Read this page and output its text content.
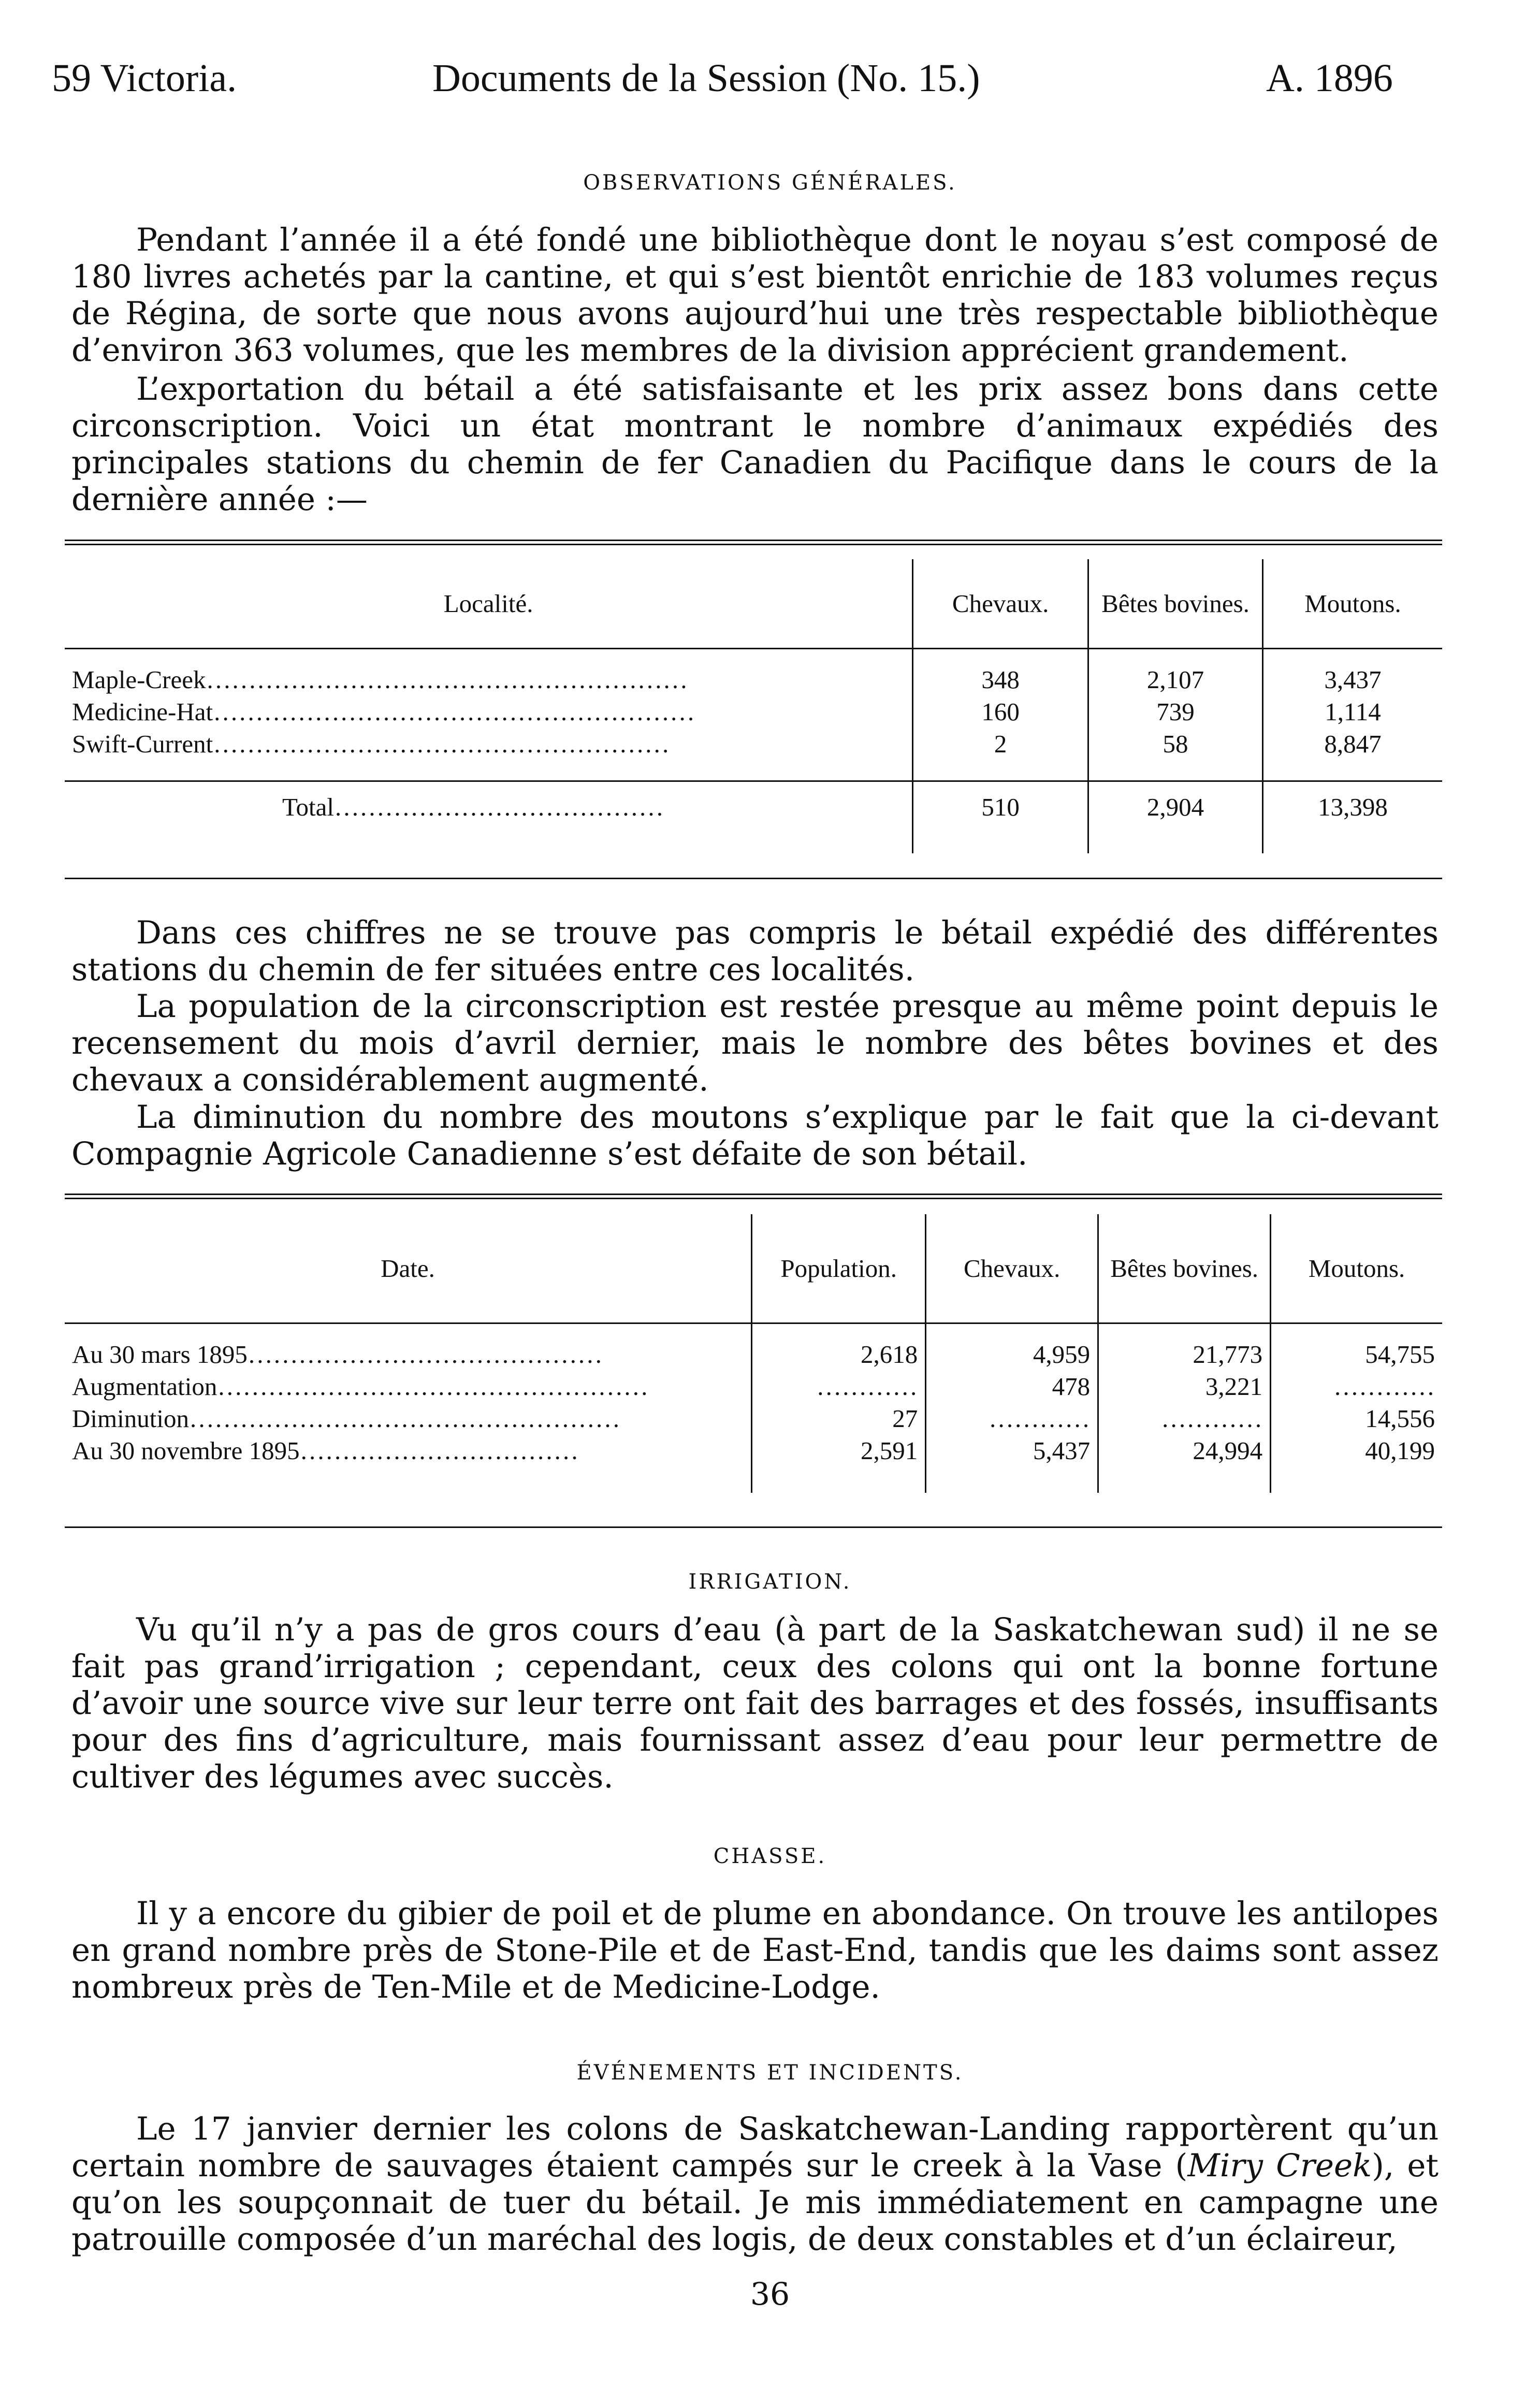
59 Victoria.	Documents de la Session (No. 15.)	A. 1896
OBSERVATIONS GÉNÉRALES.
Pendant l’année il a été fondé une bibliothèque dont le noyau s’est composé de 180 livres achetés par la cantine, et qui s’est bientôt enrichie de 183 volumes reçus de Régina, de sorte que nous avons aujourd’hui une très respectable bibliothèque d’environ 363 volumes, que les membres de la division apprécient grandement.
L’exportation du bétail a été satisfaisante et les prix assez bons dans cette circonscription. Voici un état montrant le nombre d’animaux expédiés des principales stations du chemin de fer Canadien du Pacifique dans le cours de la dernière année :—
Localité.	Chevaux.	Bêtes bovines.	Moutons.

Maple-Creek…………………………………………………	348	2,107	3,437
Medicine-Hat…………………………………………………	160	739	1,114
Swift-Current………………………………………………	2	58	8,847

Total…………………………………	510	2,904	13,398

Dans ces chiffres ne se trouve pas compris le bétail expédié des différentes stations du chemin de fer situées entre ces localités.
La population de la circonscription est restée presque au même point depuis le recensement du mois d’avril dernier, mais le nombre des bêtes bovines et des chevaux a considérablement augmenté.
La diminution du nombre des moutons s’explique par le fait que la ci-devant Compagnie Agricole Canadienne s’est défaite de son bétail.
Date.	Population.	Chevaux.	Bêtes bovines.	Moutons.

Au 30 mars 1895……………………………………	2,618	4,959	21,773	54,755
Augmentation……………………………………………	…………	478	3,221	…………
Diminution……………………………………………	27	…………	…………	14,556
Au 30 novembre 1895……………………………	2,591	5,437	24,994	40,199

IRRIGATION.
Vu qu’il n’y a pas de gros cours d’eau (à part de la Saskatchewan sud) il ne se fait pas grand’irrigation ; cependant, ceux des colons qui ont la bonne fortune d’avoir une source vive sur leur terre ont fait des barrages et des fossés, insuffisants pour des fins d’agriculture, mais fournissant assez d’eau pour leur permettre de cultiver des légumes avec succès.
CHASSE.
Il y a encore du gibier de poil et de plume en abondance. On trouve les antilopes en grand nombre près de Stone-Pile et de East-End, tandis que les daims sont assez nombreux près de Ten-Mile et de Medicine-Lodge.
ÉVÉNEMENTS ET INCIDENTS.
Le 17 janvier dernier les colons de Saskatchewan-Landing rapportèrent qu’un certain nombre de sauvages étaient campés sur le creek à la Vase (Miry Creek), et qu’on les soupçonnait de tuer du bétail. Je mis immédiatement en campagne une patrouille composée d’un maréchal des logis, de deux constables et d’un éclaireur,
36
